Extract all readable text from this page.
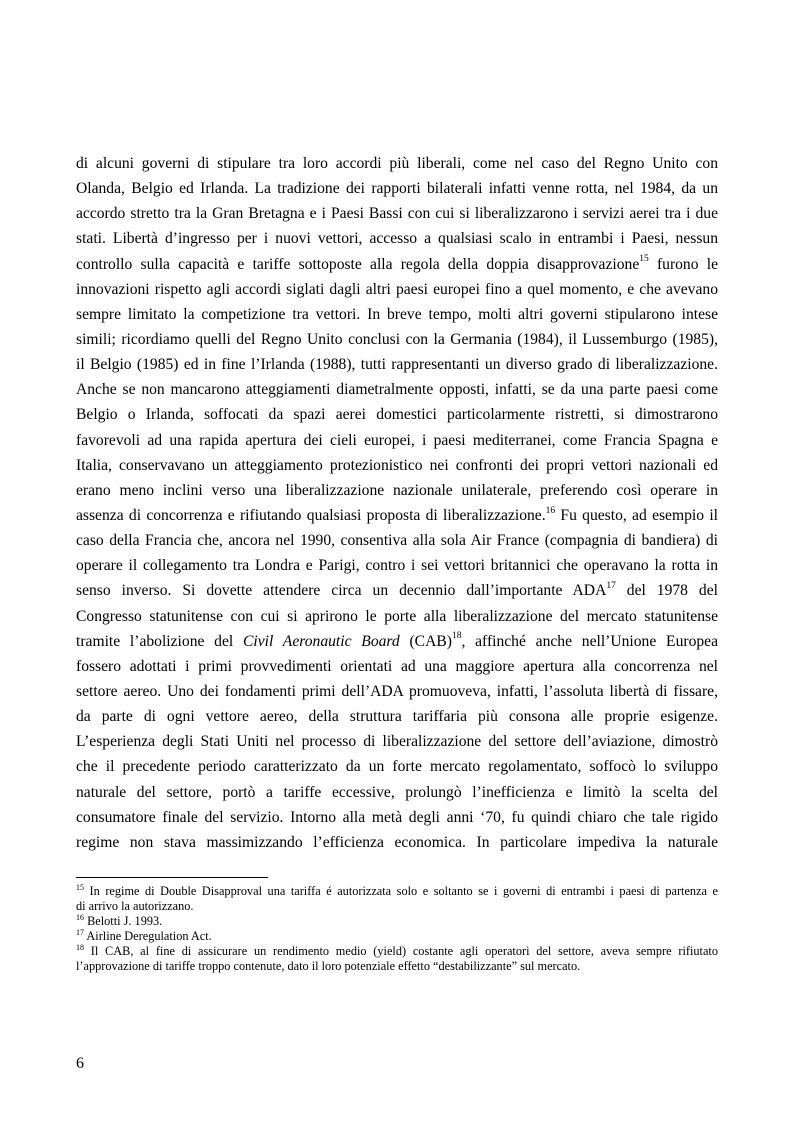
di alcuni governi di stipulare tra loro accordi più liberali, come nel caso del Regno Unito con
Olanda, Belgio ed Irlanda. La tradizione dei rapporti bilaterali infatti venne rotta, nel 1984, da un
accordo stretto tra la Gran Bretagna e i Paesi Bassi con cui si liberalizzarono i servizi aerei tra i due
stati. Libertà d’ingresso per i nuovi vettori, accesso a qualsiasi scalo in entrambi i Paesi, nessun
controllo sulla capacità e tariffe sottoposte alla regola della doppia disapprovazione$^{15}$ furono le
innovazioni rispetto agli accordi siglati dagli altri paesi europei fino a quel momento, e che avevano
sempre limitato la competizione tra vettori. In breve tempo, molti altri governi stipularono intese
simili; ricordiamo quelli del Regno Unito conclusi con la Germania (1984), il Lussemburgo (1985),
il Belgio (1985) ed in fine l’Irlanda (1988), tutti rappresentanti un diverso grado di liberalizzazione.
Anche se non mancarono atteggiamenti diametralmente opposti, infatti, se da una parte paesi come
Belgio o Irlanda, soffocati da spazi aerei domestici particolarmente ristretti, si dimostrarono
favorevoli ad una rapida apertura dei cieli europei, i paesi mediterranei, come Francia Spagna e
Italia, conservavano un atteggiamento protezionistico nei confronti dei propri vettori nazionali ed
erano meno inclini verso una liberalizzazione nazionale unilaterale, preferendo così operare in
assenza di concorrenza e rifiutando qualsiasi proposta di liberalizzazione.$^{16}$ Fu questo, ad esempio il
caso della Francia che, ancora nel 1990, consentiva alla sola Air France (compagnia di bandiera) di
operare il collegamento tra Londra e Parigi, contro i sei vettori britannici che operavano la rotta in
senso inverso. Si dovette attendere circa un decennio dall’importante ADA$^{17}$ del 1978 del
Congresso statunitense con cui si aprirono le porte alla liberalizzazione del mercato statunitense
tramite l’abolizione del Civil Aeronautic Board (CAB)$^{18}$, affinché anche nell’Unione Europea
fossero adottati i primi provvedimenti orientati ad una maggiore apertura alla concorrenza nel
settore aereo. Uno dei fondamenti primi dell’ADA promuoveva, infatti, l’assoluta libertà di fissare,
da parte di ogni vettore aereo, della struttura tariffaria più consona alle proprie esigenze.
L’esperienza degli Stati Uniti nel processo di liberalizzazione del settore dell’aviazione, dimostrò
che il precedente periodo caratterizzato da un forte mercato regolamentato, soffocò lo sviluppo
naturale del settore, portò a tariffe eccessive, prolungò l’inefficienza e limitò la scelta del
consumatore finale del servizio. Intorno alla metà degli anni ‘70, fu quindi chiaro che tale rigido
regime non stava massimizzando l’efficienza economica. In particolare impediva la naturale
$^{15}$ In regime di Double Disapproval una tariffa é autorizzata solo e soltanto se i governi di entrambi i paesi di partenza e
di arrivo la autorizzano.
$^{16}$ Belotti J. 1993.
$^{17}$ Airline Deregulation Act.
$^{18}$ Il CAB, al fine di assicurare un rendimento medio (yield) costante agli operatori del settore, aveva sempre rifiutato
l’approvazione di tariffe troppo contenute, dato il loro potenziale effetto “destabilizzante” sul mercato.
6
